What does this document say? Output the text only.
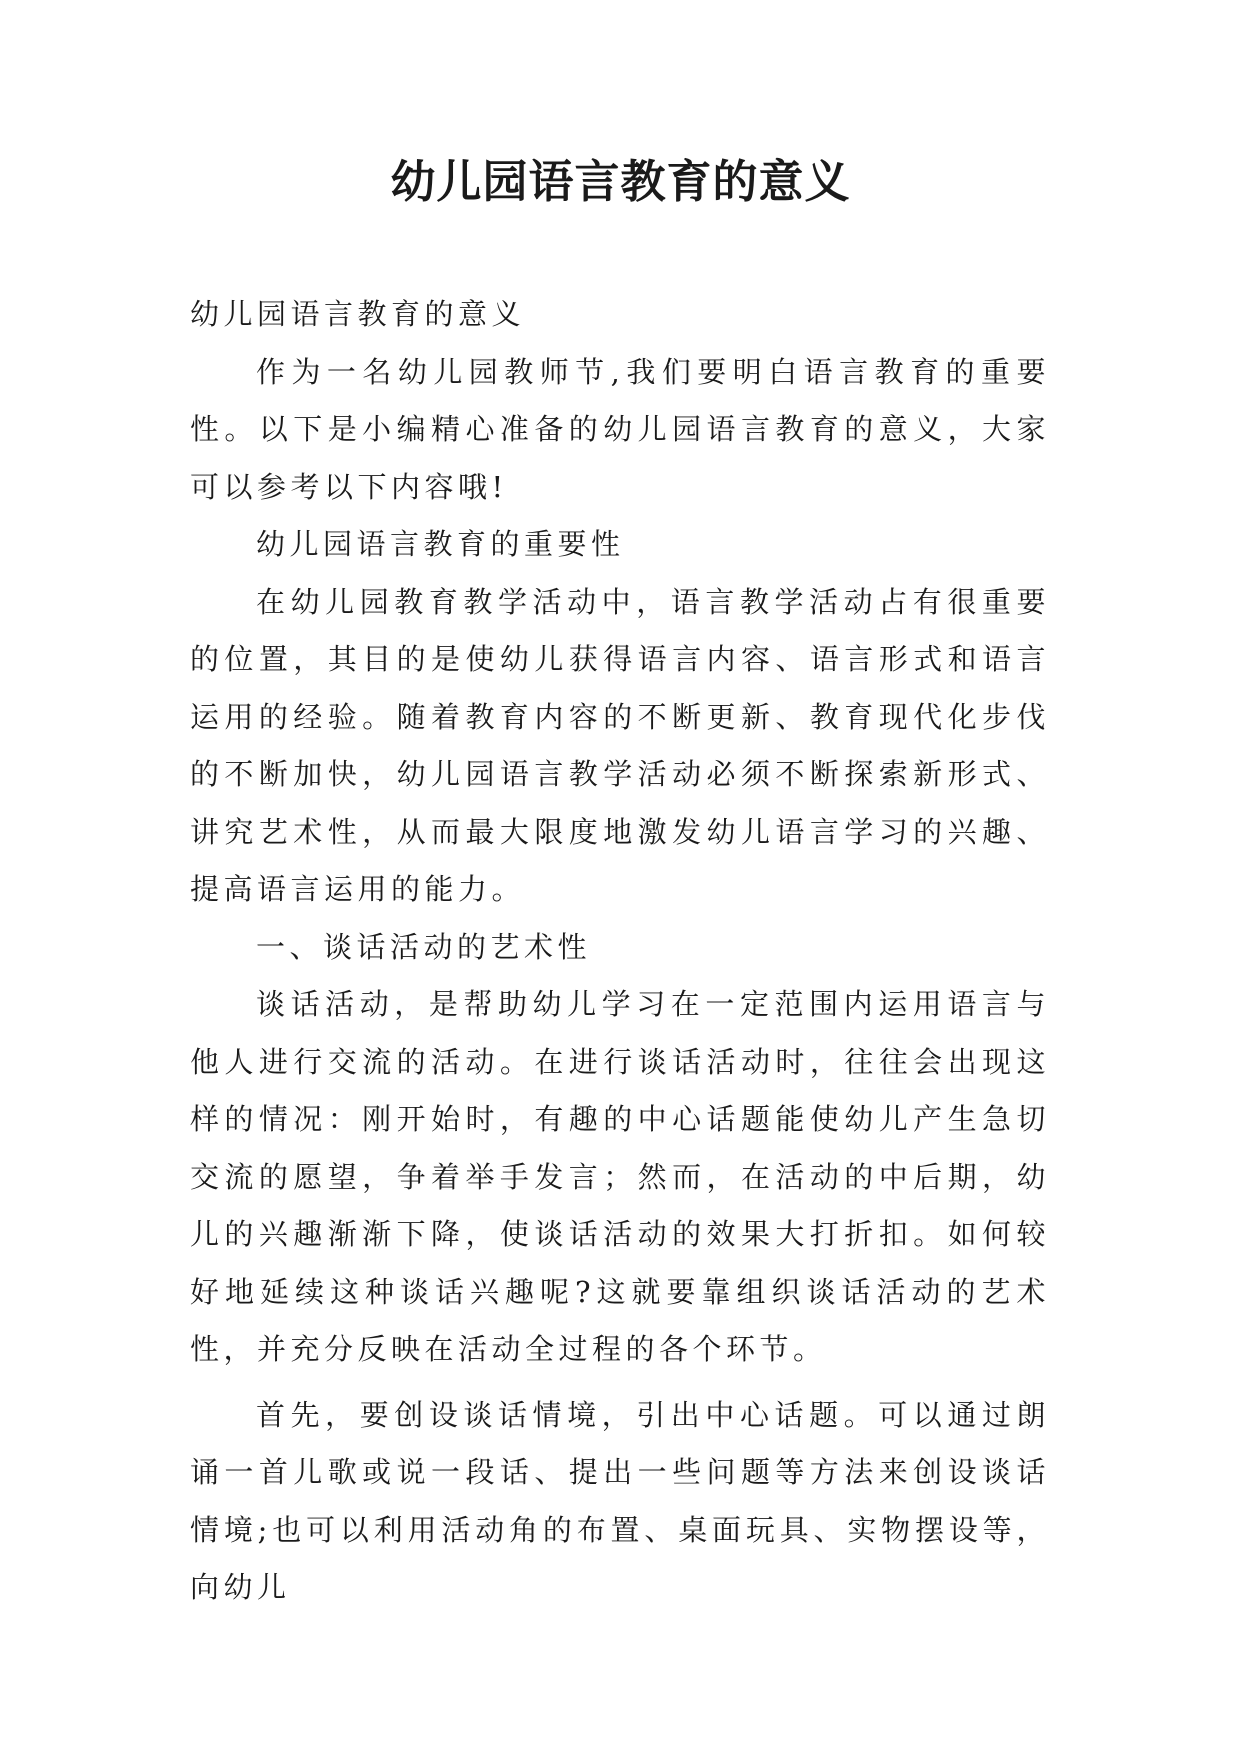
幼儿园语言教育的意义

幼儿园语言教育的意义

作为一名幼儿园教师节,我们要明白语言教育的重要性。以下是小编精心准备的幼儿园语言教育的意义，大家可以参考以下内容哦!

幼儿园语言教育的重要性

在幼儿园教育教学活动中，语言教学活动占有很重要的位置，其目的是使幼儿获得语言内容、语言形式和语言运用的经验。随着教育内容的不断更新、教育现代化步伐的不断加快，幼儿园语言教学活动必须不断探索新形式、讲究艺术性，从而最大限度地激发幼儿语言学习的兴趣、提高语言运用的能力。

一、谈话活动的艺术性

谈话活动，是帮助幼儿学习在一定范围内运用语言与他人进行交流的活动。在进行谈话活动时，往往会出现这样的情况：刚开始时，有趣的中心话题能使幼儿产生急切交流的愿望，争着举手发言；然而，在活动的中后期，幼儿的兴趣渐渐下降，使谈话活动的效果大打折扣。如何较好地延续这种谈话兴趣呢?这就要靠组织谈话活动的艺术性，并充分反映在活动全过程的各个环节。

首先，要创设谈话情境，引出中心话题。可以通过朗诵一首儿歌或说一段话、提出一些问题等方法来创设谈话情境;也可以利用活动角的布置、桌面玩具、实物摆设等，向幼儿
